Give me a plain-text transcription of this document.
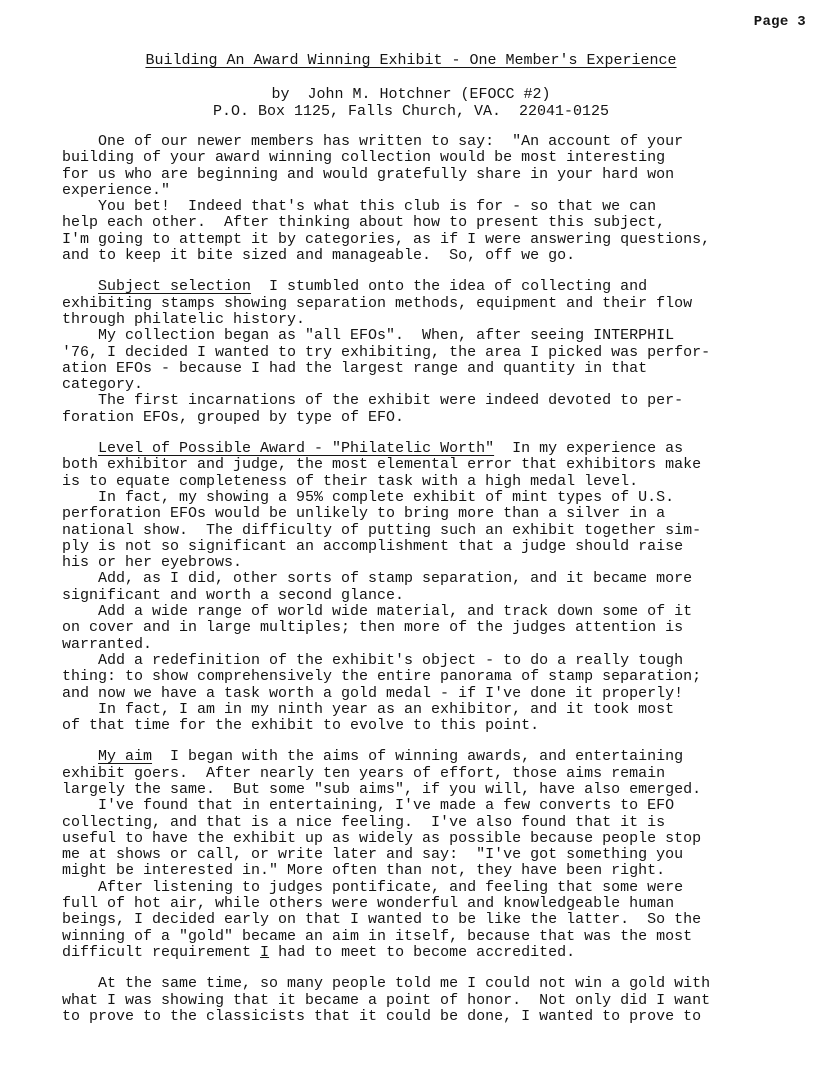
Page 3
Building An Award Winning Exhibit - One Member's Experience
by  John M. Hotchner (EFOCC #2)
P.O. Box 1125, Falls Church, VA.  22041-0125

One of our newer members has written to say:  "An account of your

building of your award winning collection would be most interesting

for us who are beginning and would gratefully share in your hard won

experience."

You bet!  Indeed that's what this club is for - so that we can

help each other.  After thinking about how to present this subject,

I'm going to attempt it by categories, as if I were answering questions,

and to keep it bite sized and manageable.  So, off we go.

Subject selection  I stumbled onto the idea of collecting and

exhibiting stamps showing separation methods, equipment and their flow

through philatelic history.

My collection began as "all EFOs".  When, after seeing INTERPHIL

'76, I decided I wanted to try exhibiting, the area I picked was perfor-

ation EFOs - because I had the largest range and quantity in that

category.

The first incarnations of the exhibit were indeed devoted to per-

foration EFOs, grouped by type of EFO.

Level of Possible Award - "Philatelic Worth"  In my experience as

both exhibitor and judge, the most elemental error that exhibitors make

is to equate completeness of their task with a high medal level.

In fact, my showing a 95% complete exhibit of mint types of U.S.

perforation EFOs would be unlikely to bring more than a silver in a

national show.  The difficulty of putting such an exhibit together sim-

ply is not so significant an accomplishment that a judge should raise

his or her eyebrows.

Add, as I did, other sorts of stamp separation, and it became more

significant and worth a second glance.

Add a wide range of world wide material, and track down some of it

on cover and in large multiples; then more of the judges attention is

warranted.

Add a redefinition of the exhibit's object - to do a really tough

thing: to show comprehensively the entire panorama of stamp separation;

and now we have a task worth a gold medal - if I've done it properly!

In fact, I am in my ninth year as an exhibitor, and it took most

of that time for the exhibit to evolve to this point.

My aim  I began with the aims of winning awards, and entertaining

exhibit goers.  After nearly ten years of effort, those aims remain

largely the same.  But some "sub aims", if you will, have also emerged.

I've found that in entertaining, I've made a few converts to EFO

collecting, and that is a nice feeling.  I've also found that it is

useful to have the exhibit up as widely as possible because people stop

me at shows or call, or write later and say:  "I've got something you

might be interested in." More often than not, they have been right.

After listening to judges pontificate, and feeling that some were

full of hot air, while others were wonderful and knowledgeable human

beings, I decided early on that I wanted to be like the latter.  So the

winning of a "gold" became an aim in itself, because that was the most

difficult requirement I had to meet to become accredited.

At the same time, so many people told me I could not win a gold with

what I was showing that it became a point of honor.  Not only did I want

to prove to the classicists that it could be done, I wanted to prove to
